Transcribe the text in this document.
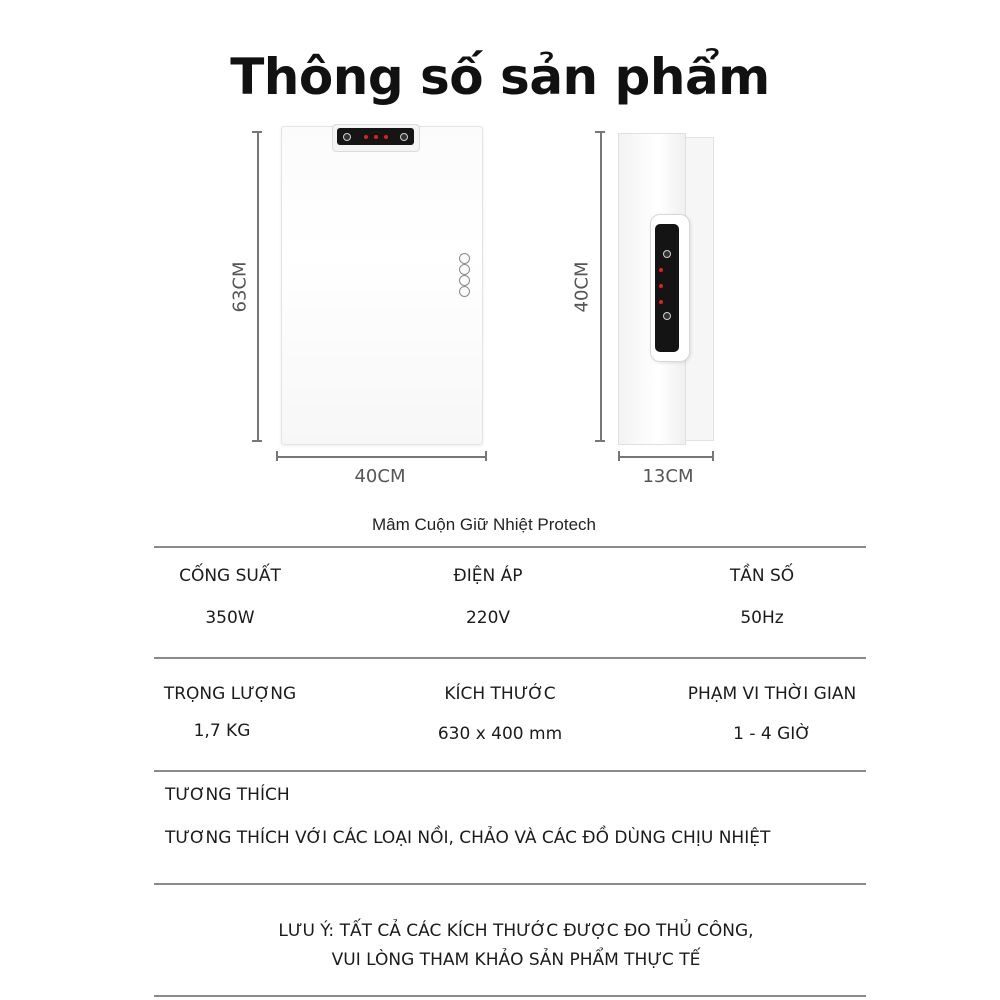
Thông số sản phẩm
63CM
40CM
40CM
13CM
Mâm Cuộn Giữ Nhiệt Protech
CỐNG SUẤT
350W
ĐIỆN ÁP
220V
TẦN SỐ
50Hz
TRỌNG LƯỢNG
1,7 KG
KÍCH THƯỚC
630 x 400 mm
PHẠM VI THỜI GIAN
1 - 4 GIỜ
TƯƠNG THÍCH
TƯƠNG THÍCH VỚI CÁC LOẠI NỒI, CHẢO VÀ CÁC ĐỒ DÙNG CHỊU NHIỆT
LƯU Ý: TẤT CẢ CÁC KÍCH THƯỚC ĐƯỢC ĐO THỦ CÔNG,
VUI LÒNG THAM KHẢO SẢN PHẨM THỰC TẾ
